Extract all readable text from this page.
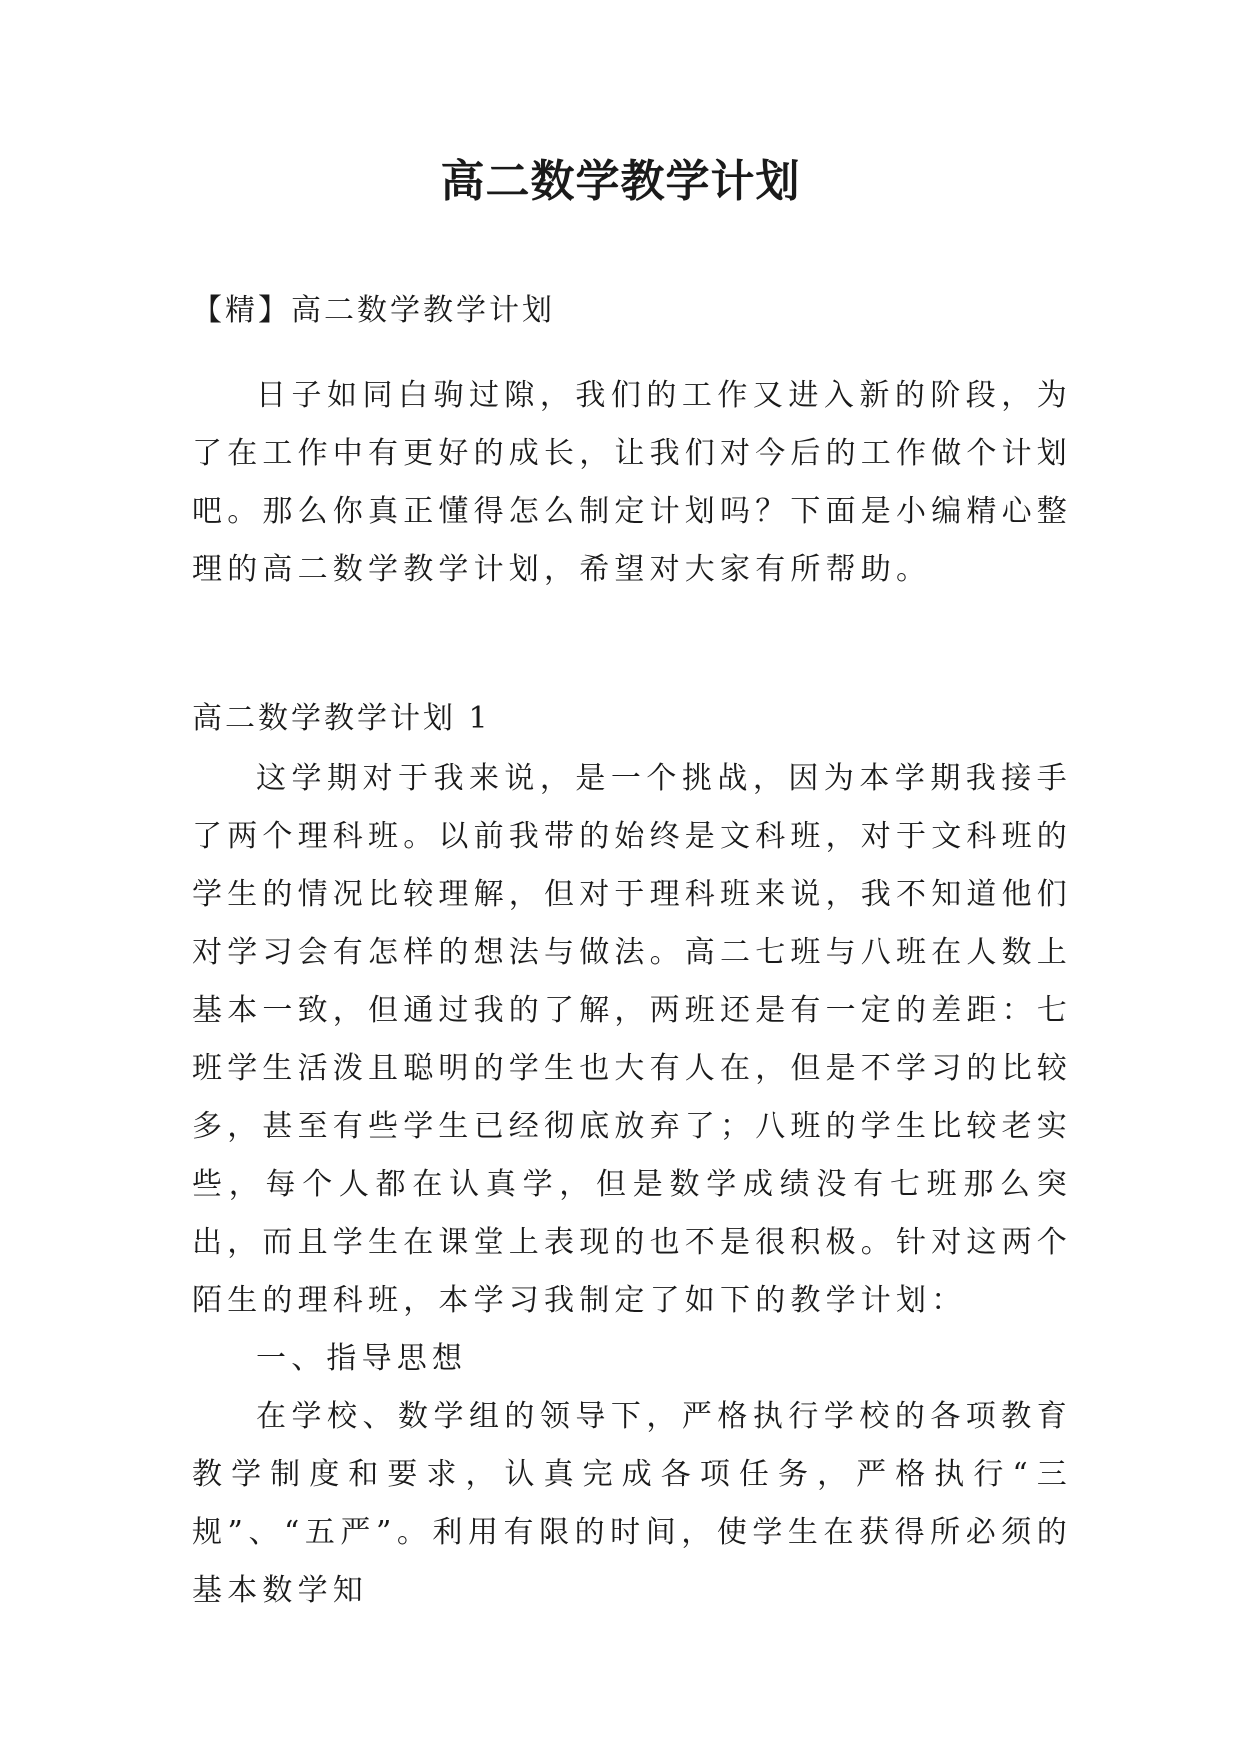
高二数学教学计划
【精】高二数学教学计划

日子如同白驹过隙，我们的工作又进入新的阶段，为了在工作中有更好的成长，让我们对今后的工作做个计划吧。那么你真正懂得怎么制定计划吗？下面是小编精心整理的高二数学教学计划，希望对大家有所帮助。

高二数学教学计划 1

这学期对于我来说，是一个挑战，因为本学期我接手了两个理科班。以前我带的始终是文科班，对于文科班的学生的情况比较理解，但对于理科班来说，我不知道他们对学习会有怎样的想法与做法。高二七班与八班在人数上基本一致，但通过我的了解，两班还是有一定的差距：七班学生活泼且聪明的学生也大有人在，但是不学习的比较多，甚至有些学生已经彻底放弃了；八班的学生比较老实些，每个人都在认真学，但是数学成绩没有七班那么突出，而且学生在课堂上表现的也不是很积极。针对这两个陌生的理科班，本学习我制定了如下的教学计划：

一、指导思想

在学校、数学组的领导下，严格执行学校的各项教育教学制度和要求，认真完成各项任务，严格执行“三规”、“五严”。利用有限的时间，使学生在获得所必须的基本数学知
